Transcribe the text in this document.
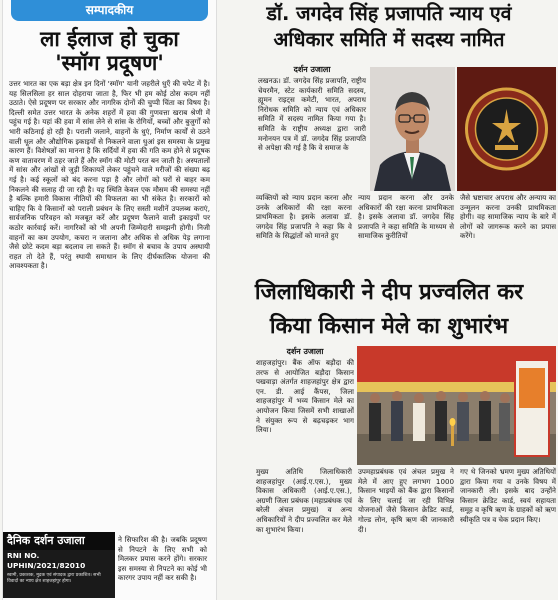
सम्पादकीय
ला ईलाज हो चुका
'स्मॉग प्रदूषण'

उत्तर भारत का एक बड़ा क्षेत्र इन दिनों 'स्मॉग' यानी जहरीले धुएँ की चपेट में है। यह सिलसिला हर साल दोहराया जाता है, फिर भी हम कोई ठोस कदम नहीं उठाते। ऐसे प्रदूषण पर सरकार और नागरिक दोनों की चुप्पी चिंता का विषय है। दिल्ली समेत उत्तर भारत के अनेक शहरों में हवा की गुणवत्ता खराब श्रेणी में पहुंच गई है। यहां की हवा में सांस लेने से सांस के रोगियों, बच्चों और बुजुर्गों को भारी कठिनाई हो रही है। पराली जलाने, वाहनों के धुएं, निर्माण कार्यों से उठने वाली धूल और औद्योगिक इकाइयों से निकलने वाला धुआं इस समस्या के प्रमुख कारण हैं। विशेषज्ञों का मानना है कि सर्दियों में हवा की गति कम होने से प्रदूषक कण वातावरण में ठहर जाते हैं और स्मॉग की मोटी परत बन जाती है। अस्पतालों में सांस और आंखों से जुड़ी शिकायतें लेकर पहुंचने वाले मरीजों की संख्या बढ़ गई है। कई स्कूलों को बंद करना पड़ा है और लोगों को घरों से बाहर कम निकलने की सलाह दी जा रही है। यह स्थिति केवल एक मौसम की समस्या नहीं है बल्कि हमारी विकास नीतियों की विफलता का भी संकेत है। सरकारों को चाहिए कि वे किसानों को पराली प्रबंधन के लिए सस्ती मशीनें उपलब्ध कराएं, सार्वजनिक परिवहन को मजबूत करें और प्रदूषण फैलाने वाली इकाइयों पर कठोर कार्रवाई करें। नागरिकों को भी अपनी जिम्मेदारी समझनी होगी। निजी वाहनों का कम उपयोग, कचरा न जलाना और अधिक से अधिक पेड़ लगाना जैसे छोटे कदम बड़ा बदलाव ला सकते हैं। स्मॉग से बचाव के उपाय अस्थायी राहत तो देते हैं, परंतु स्थायी समाधान के लिए दीर्घकालिक योजना की आवश्यकता है।

दैनिक दर्शन उजाला
RNI NO. UPHIN/2021/82010
स्वामी, प्रकाशक, मुद्रक एवं संपादक द्वारा प्रकाशित। सभी विवादों का न्याय क्षेत्र शाहजहांपुर होगा।

ने सिफारिश की है। जबकि प्रदूषण से निपटने के लिए सभी को मिलकर प्रयास करने होंगे। सरकार इस समस्या से निपटने का कोई भी कारगर उपाय नहीं कर सकी है।

डॉ. जगदेव सिंह प्रजापति न्याय एवं
अधिकार समिति में सदस्य नामित
दर्शन उजाला

लखनऊ। डॉ. जगदेव सिंह प्रजापति, राष्ट्रीय चेयरमैन, स्टेट कार्यकारी समिति सदस्य, ह्यूमन राइट्स कमेटी, भारत, अपराध निरोधक समिति को न्याय एवं अधिकार समिति में सदस्य नामित किया गया है। समिति के राष्ट्रीय अध्यक्ष द्वारा जारी मनोनयन पत्र में डॉ. जगदेव सिंह प्रजापति से अपेक्षा की गई है कि वे समाज के

व्यक्तियों को न्याय प्रदान करना और उनके अधिकारों की रक्षा करना प्राथमिकता है। इसके अलावा डॉ. जगदेव सिंह प्रजापति ने कहा कि वे समिति के सिद्धांतों को मानते हुए

न्याय प्रदान करना और उनके अधिकारों की रक्षा करना प्राथमिकता है। इसके अलावा डॉ. जगदेव सिंह प्रजापति ने कहा समिति के माध्यम से सामाजिक कुरीतियों

जैसे भ्रष्टाचार अपराध और अन्याय का उन्मूलन करना उनकी प्राथमिकता होगी। वह सामाजिक न्याय के बारे में लोगों को जागरूक करने का प्रयास करेंगे।

जिलाधिकारी ने दीप प्रज्वलित कर
किया किसान मेले का शुभारंभ
दर्शन उजाला

शाहजहांपुर। बैंक ऑफ बड़ौदा की तरफ से आयोजित बड़ौदा किसान पखवाड़ा अंतर्गत शाहजहांपुर क्षेत्र द्वारा एन. डी. आई कैंपस, जिला शाहजहांपुर में भव्य किसान मेले का आयोजन किया जिसमें सभी शाखाओं ने संयुक्त रूप से बढ़चढ़कर भाग लिया।

मुख्य अतिथि जिलाधिकारी शाहजहांपुर (आई.ए.एस.), मुख्य विकास अधिकारी (आई.ए.एस.), अग्रणी जिला प्रबंधक (महाप्रबंधक एवं बरेली अंचल प्रमुख) व अन्य अधिकारियों ने दीप प्रज्वलित कर मेले का शुभारंभ किया।

उपमहाप्रबंधक एवं अंचल प्रमुख ने मेले में आए हुए लगभग 1000 किसान भाइयों को बैंक द्वारा किसानों के लिए चलाई जा रही विभिन्न योजनाओं जैसे किसान क्रेडिट कार्ड, गोल्ड लोन, कृषि ऋण की जानकारी दी।

गए थे जिनको भ्रमण मुख्य अतिथियों द्वारा किया गया व उनके विषय में जानकारी ली। इसके बाद उन्होंने किसान क्रेडिट कार्ड, स्वयं सहायता समूह व कृषि ऋण के ग्राहकों को ऋण स्वीकृति पत्र व चेक प्रदान किए।
